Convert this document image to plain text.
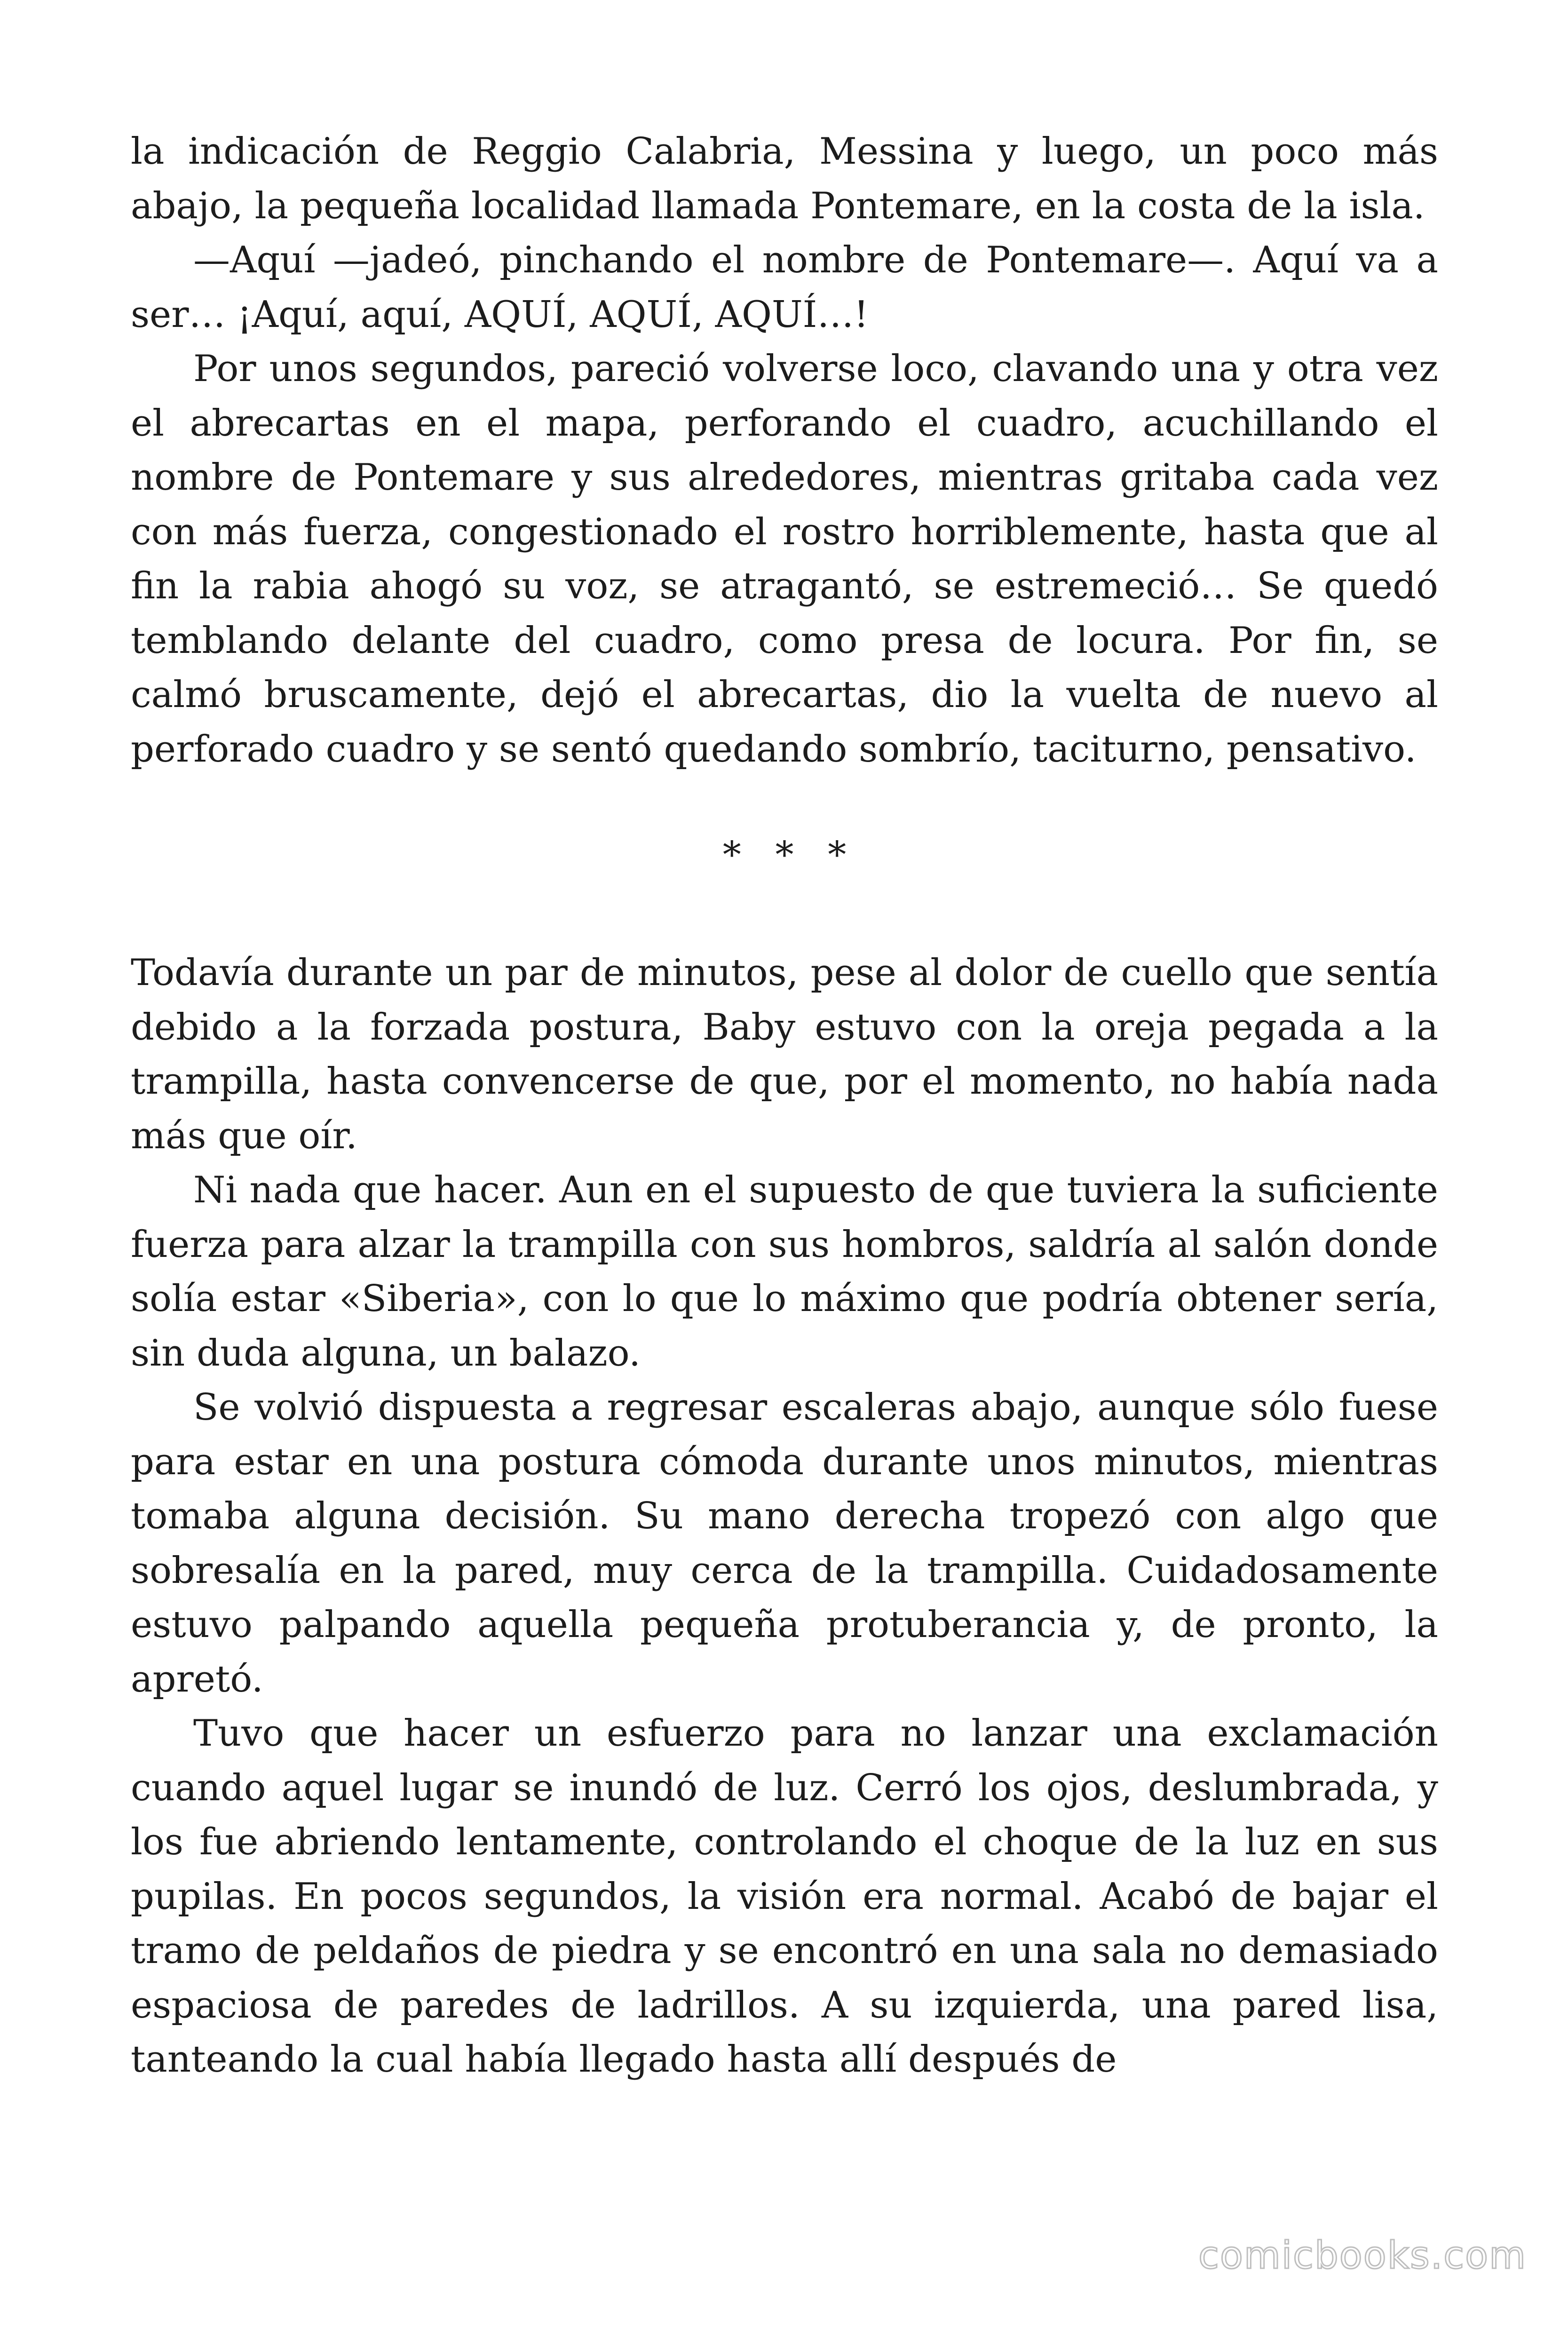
la indicación de Reggio Calabria, Messina y luego, un poco más abajo, la pequeña localidad llamada Pontemare, en la costa de la isla.

—Aquí —jadeó, pinchando el nombre de Pontemare—. Aquí va a ser… ¡Aquí, aquí, AQUÍ, AQUÍ, AQUÍ…!

Por unos segundos, pareció volverse loco, clavando una y otra vez el abrecartas en el mapa, perforando el cuadro, acuchillando el nombre de Pontemare y sus alrededores, mientras gritaba cada vez con más fuerza, congestionado el rostro horriblemente, hasta que al fin la rabia ahogó su voz, se atragantó, se estremeció… Se quedó temblando delante del cuadro, como presa de locura. Por fin, se calmó bruscamente, dejó el abrecartas, dio la vuelta de nuevo al perforado cuadro y se sentó quedando sombrío, taciturno, pensativo.

* * *

Todavía durante un par de minutos, pese al dolor de cuello que sentía debido a la forzada postura, Baby estuvo con la oreja pegada a la trampilla, hasta convencerse de que, por el momento, no había nada más que oír.

Ni nada que hacer. Aun en el supuesto de que tuviera la suficiente fuerza para alzar la trampilla con sus hombros, saldría al salón donde solía estar «Siberia», con lo que lo máximo que podría obtener sería, sin duda alguna, un balazo.

Se volvió dispuesta a regresar escaleras abajo, aunque sólo fuese para estar en una postura cómoda durante unos minutos, mientras tomaba alguna decisión. Su mano derecha tropezó con algo que sobresalía en la pared, muy cerca de la trampilla. Cuidadosamente estuvo palpando aquella pequeña protuberancia y, de pronto, la apretó.

Tuvo que hacer un esfuerzo para no lanzar una exclamación cuando aquel lugar se inundó de luz. Cerró los ojos, deslumbrada, y los fue abriendo lentamente, controlando el choque de la luz en sus pupilas. En pocos segundos, la visión era normal. Acabó de bajar el tramo de peldaños de piedra y se encontró en una sala no demasiado espaciosa de paredes de ladrillos. A su izquierda, una pared lisa, tanteando la cual había llegado hasta allí después de

comicbooks.com
